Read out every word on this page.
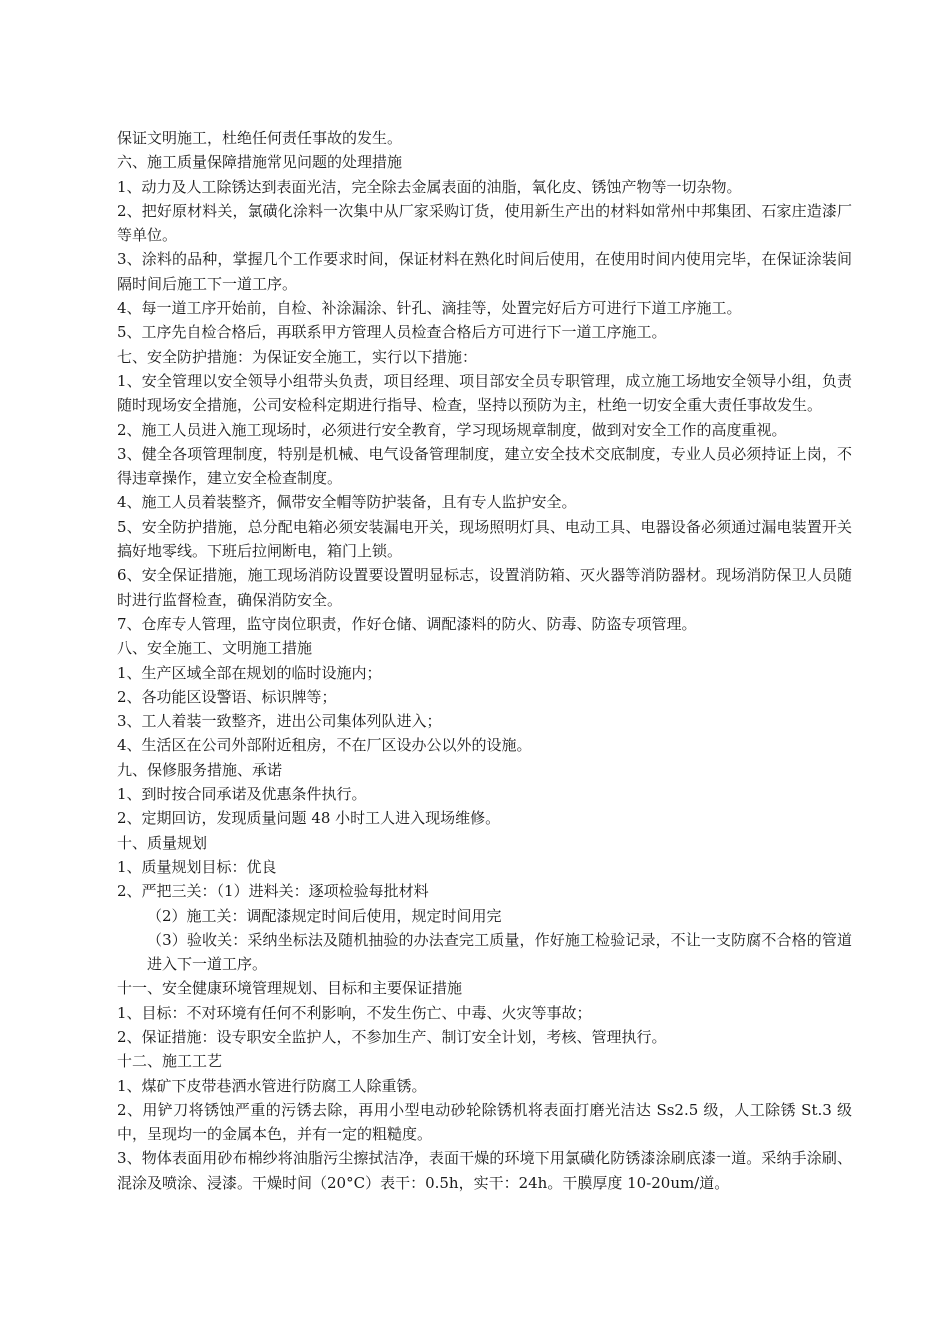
保证文明施工，杜绝任何责任事故的发生。

六、施工质量保障措施常见问题的处理措施

1、动力及人工除锈达到表面光洁，完全除去金属表面的油脂，氧化皮、锈蚀产物等一切杂物。

2、把好原材料关，氯磺化涂料一次集中从厂家采购订货，使用新生产出的材料如常州中邦集团、石家庄造漆厂等单位。

3、涂料的品种，掌握几个工作要求时间，保证材料在熟化时间后使用，在使用时间内使用完毕，在保证涂装间隔时间后施工下一道工序。

4、每一道工序开始前，自检、补涂漏涂、针孔、滴挂等，处置完好后方可进行下道工序施工。

5、工序先自检合格后，再联系甲方管理人员检查合格后方可进行下一道工序施工。

七、安全防护措施：为保证安全施工，实行以下措施：

1、安全管理以安全领导小组带头负责，项目经理、项目部安全员专职管理，成立施工场地安全领导小组，负责随时现场安全措施，公司安检科定期进行指导、检查，坚持以预防为主，杜绝一切安全重大责任事故发生。

2、施工人员进入施工现场时，必须进行安全教育，学习现场规章制度，做到对安全工作的高度重视。

3、健全各项管理制度，特别是机械、电气设备管理制度，建立安全技术交底制度，专业人员必须持证上岗，不得违章操作，建立安全检查制度。

4、施工人员着装整齐，佩带安全帽等防护装备，且有专人监护安全。

5、安全防护措施，总分配电箱必须安装漏电开关，现场照明灯具、电动工具、电器设备必须通过漏电装置开关搞好地零线。下班后拉闸断电，箱门上锁。

6、安全保证措施，施工现场消防设置要设置明显标志，设置消防箱、灭火器等消防器材。现场消防保卫人员随时进行监督检查，确保消防安全。

7、仓库专人管理，监守岗位职责，作好仓储、调配漆料的防火、防毒、防盗专项管理。

八、安全施工、文明施工措施

1、生产区域全部在规划的临时设施内；

2、各功能区设警语、标识牌等；

3、工人着装一致整齐，进出公司集体列队进入；

4、生活区在公司外部附近租房，不在厂区设办公以外的设施。

九、保修服务措施、承诺

1、到时按合同承诺及优惠条件执行。

2、定期回访，发现质量问题 48 小时工人进入现场维修。

十、质量规划

1、质量规划目标：优良

2、严把三关：（1）进料关：逐项检验每批材料

（2）施工关：调配漆规定时间后使用，规定时间用完

（3）验收关：采纳坐标法及随机抽验的办法查完工质量，作好施工检验记录，不让一支防腐不合格的管道进入下一道工序。

十一、安全健康环境管理规划、目标和主要保证措施

1、目标：不对环境有任何不利影响，不发生伤亡、中毒、火灾等事故；

2、保证措施：设专职安全监护人，不参加生产、制订安全计划，考核、管理执行。

十二、施工工艺

1、煤矿下皮带巷洒水管进行防腐工人除重锈。

2、用铲刀将锈蚀严重的污锈去除，再用小型电动砂轮除锈机将表面打磨光洁达 Ss2.5 级，人工除锈 St.3 级中，呈现均一的金属本色，并有一定的粗糙度。

3、物体表面用砂布棉纱将油脂污尘擦拭洁净，表面干燥的环境下用氯磺化防锈漆涂刷底漆一道。采纳手涂刷、混涂及喷涂、浸漆。干燥时间（20°C）表干：0.5h，实干：24h。干膜厚度 10-20um/道。
